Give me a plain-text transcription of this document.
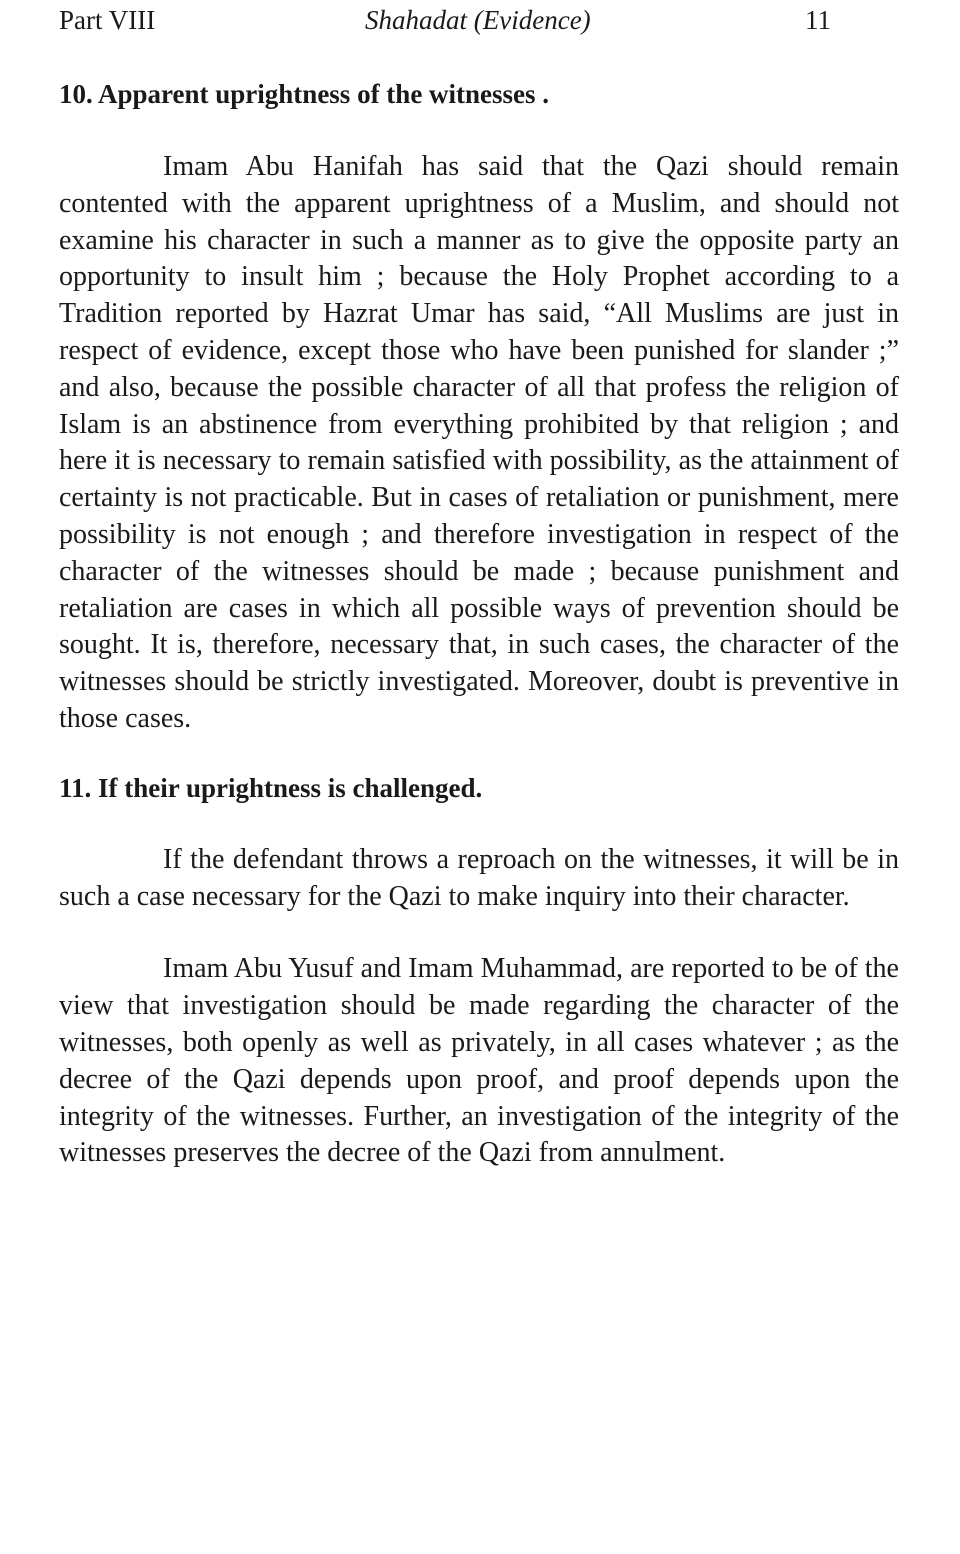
Part VIII	Shahadat (Evidence)	11
10. Apparent uprightness of the witnesses .

Imam Abu Hanifah has said that the Qazi should remain contented with the apparent uprightness of a Muslim, and should not examine his character in such a manner as to give the opposite party an opportunity to insult him ; because the Holy Prophet according to a Tradition reported by Hazrat Umar has said, “All Muslims are just in respect of evidence, except those who have been punished for slander ;” and also, because the possible character of all that profess the religion of Islam is an abstinence from everything prohibited by that religion ; and here it is necessary to remain satisfied with possibility, as the attainment of certainty is not practicable. But in cases of retaliation or punishment, mere possibility is not enough ; and therefore investigation in respect of the character of the witnesses should be made ; because punishment and retaliation are cases in which all possible ways of prevention should be sought. It is, therefore, necessary that, in such cases, the character of the witnesses should be strictly investigated. Moreover, doubt is preventive in those cases.

11. If their uprightness is challenged.

If the defendant throws a reproach on the witnesses, it will be in such a case necessary for the Qazi to make inquiry into their character.

Imam Abu Yusuf and Imam Muhammad, are reported to be of the view that investigation should be made regarding the character of the witnesses, both openly as well as privately, in all cases whatever ; as the decree of the Qazi depends upon proof, and proof depends upon the integrity of the witnesses. Further, an investigation of the integrity of the witnesses preserves the decree of the Qazi from annulment.
